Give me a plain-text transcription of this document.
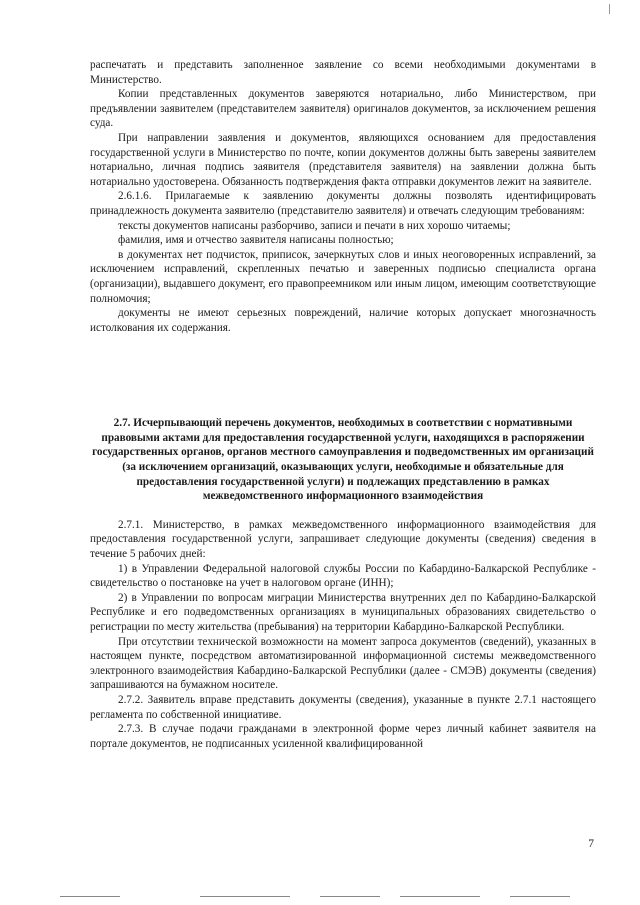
распечатать и представить заполненное заявление со всеми необходимыми документами в Министерство.

Копии представленных документов заверяются нотариально, либо Министерством, при предъявлении заявителем (представителем заявителя) оригиналов документов, за исключением решения суда.

При направлении заявления и документов, являющихся основанием для предоставления государственной услуги в Министерство по почте, копии документов должны быть заверены заявителем нотариально, личная подпись заявителя (представителя заявителя) на заявлении должна быть нотариально удостоверена. Обязанность подтверждения факта отправки документов лежит на заявителе.

2.6.1.6. Прилагаемые к заявлению документы должны позволять идентифицировать принадлежность документа заявителю (представителю заявителя) и отвечать следующим требованиям:

тексты документов написаны разборчиво, записи и печати в них хорошо читаемы;

фамилия, имя и отчество заявителя написаны полностью;

в документах нет подчисток, приписок, зачеркнутых слов и иных неоговоренных исправлений, за исключением исправлений, скрепленных печатью и заверенных подписью специалиста органа (организации), выдавшего документ, его правопреемником или иным лицом, имеющим соответствующие полномочия;

документы не имеют серьезных повреждений, наличие которых допускает многозначность истолкования их содержания.

2.7. Исчерпывающий перечень документов, необходимых в соответствии с нормативными правовыми актами для предоставления государственной услуги, находящихся в распоряжении государственных органов, органов местного самоуправления и подведомственных им организаций (за исключением организаций, оказывающих услуги, необходимые и обязательные для предоставления государственной услуги) и подлежащих представлению в рамках межведомственного информационного взаимодействия

2.7.1. Министерство, в рамках межведомственного информационного взаимодействия для предоставления государственной услуги, запрашивает следующие документы (сведения) сведения в течение 5 рабочих дней:

1) в Управлении Федеральной налоговой службы России по Кабардино-Балкарской Республике - свидетельство о постановке на учет в налоговом органе (ИНН);

2) в Управлении по вопросам миграции Министерства внутренних дел по Кабардино-Балкарской Республике и его подведомственных организациях в муниципальных образованиях свидетельство о регистрации по месту жительства (пребывания) на территории Кабардино-Балкарской Республики.

При отсутствии технической возможности на момент запроса документов (сведений), указанных в настоящем пункте, посредством автоматизированной информационной системы межведомственного электронного взаимодействия Кабардино-Балкарской Республики (далее - СМЭВ) документы (сведения) запрашиваются на бумажном носителе.

2.7.2. Заявитель вправе представить документы (сведения), указанные в пункте 2.7.1 настоящего регламента по собственной инициативе.

2.7.3. В случае подачи гражданами в электронной форме через личный кабинет заявителя на портале документов, не подписанных усиленной квалифицированной

7
